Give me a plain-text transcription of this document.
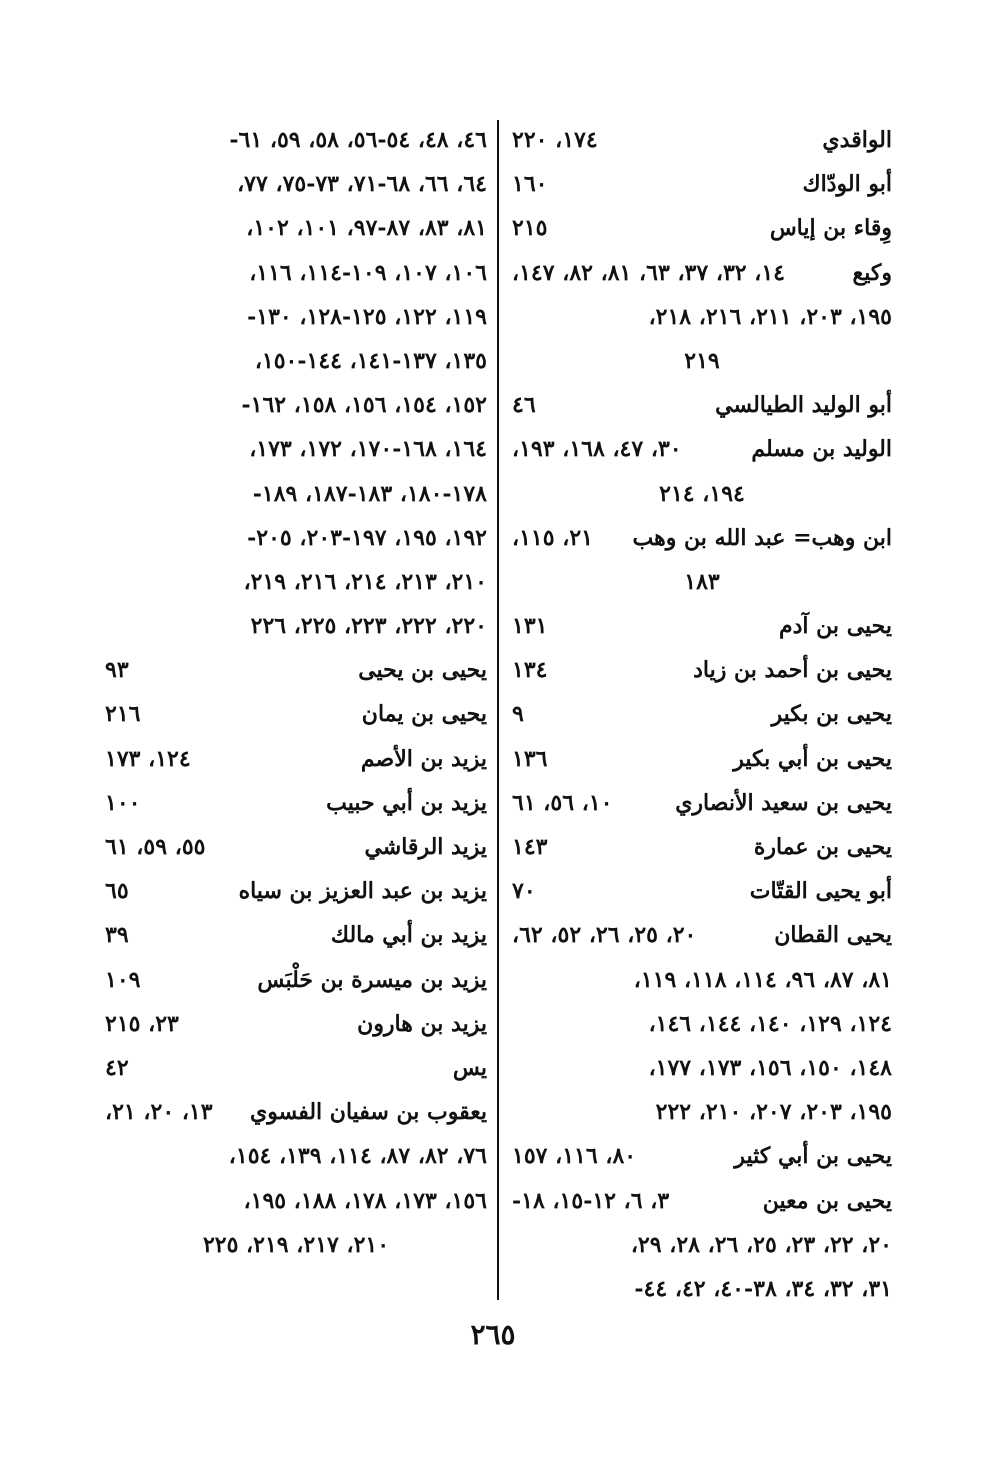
الواقدي
١٧٤، ٢٢٠
أبو الودّاك
١٦٠
وِقاء بن إياس
٢١٥
وكيع
١٤، ٣٢، ٣٧، ٦٣، ٨١، ٨٢، ١٤٧،
١٩٥، ٢٠٣، ٢١١، ٢١٦، ٢١٨،
٢١٩
أبو الوليد الطيالسي
٤٦
الوليد بن مسلم
٣٠، ٤٧، ١٦٨، ١٩٣،
١٩٤، ٢١٤
ابن وهب= عبد الله بن وهب
٢١، ١١٥،
١٨٣
يحيى بن آدم
١٣١
يحيى بن أحمد بن زياد
١٣٤
يحيى بن بكير
٩
يحيى بن أبي بكير
١٣٦
يحيى بن سعيد الأنصاري
١٠، ٥٦، ٦١
يحيى بن عمارة
١٤٣
أبو يحيى القتّات
٧٠
يحيى القطان
٢٠، ٢٥، ٢٦، ٥٢، ٦٢،
٨١، ٨٧، ٩٦، ١١٤، ١١٨، ١١٩،
١٢٤، ١٢٩، ١٤٠، ١٤٤، ١٤٦،
١٤٨، ١٥٠، ١٥٦، ١٧٣، ١٧٧،
١٩٥، ٢٠٣، ٢٠٧، ٢١٠، ٢٢٢
يحيى بن أبي كثير
٨٠، ١١٦، ١٥٧
يحيى بن معين
٣، ٦، ١٢-١٥، ١٨-
٢٠، ٢٢، ٢٣، ٢٥، ٢٦، ٢٨، ٢٩،
٣١، ٣٢، ٣٤، ٣٨-٤٠، ٤٢، ٤٤-
٤٦، ٤٨، ٥٤-٥٦، ٥٨، ٥٩، ٦١-
٦٤، ٦٦، ٦٨-٧١، ٧٣-٧٥، ٧٧،
٨١، ٨٣، ٨٧-٩٧، ١٠١، ١٠٢،
١٠٦، ١٠٧، ١٠٩-١١٤، ١١٦،
١١٩، ١٢٢، ١٢٥-١٢٨، ١٣٠-
١٣٥، ١٣٧-١٤١، ١٤٤-١٥٠،
١٥٢، ١٥٤، ١٥٦، ١٥٨، ١٦٢-
١٦٤، ١٦٨-١٧٠، ١٧٢، ١٧٣،
١٧٨-١٨٠، ١٨٣-١٨٧، ١٨٩-
١٩٢، ١٩٥، ١٩٧-٢٠٣، ٢٠٥-
٢١٠، ٢١٣، ٢١٤، ٢١٦، ٢١٩،
٢٢٠، ٢٢٢، ٢٢٣، ٢٢٥، ٢٢٦
يحيى بن يحيى
٩٣
يحيى بن يمان
٢١٦
يزيد بن الأصم
١٢٤، ١٧٣
يزيد بن أبي حبيب
١٠٠
يزيد الرقاشي
٥٥، ٥٩، ٦١
يزيد بن عبد العزيز بن سياه
٦٥
يزيد بن أبي مالك
٣٩
يزيد بن ميسرة بن حَلْبَس
١٠٩
يزيد بن هارون
٢٣، ٢١٥
يس
٤٢
يعقوب بن سفيان الفسوي
١٣، ٢٠، ٢١،
٧٦، ٨٢، ٨٧، ١١٤، ١٣٩، ١٥٤،
١٥٦، ١٧٣، ١٧٨، ١٨٨، ١٩٥،
٢١٠، ٢١٧، ٢١٩، ٢٢٥
٢٦٥
